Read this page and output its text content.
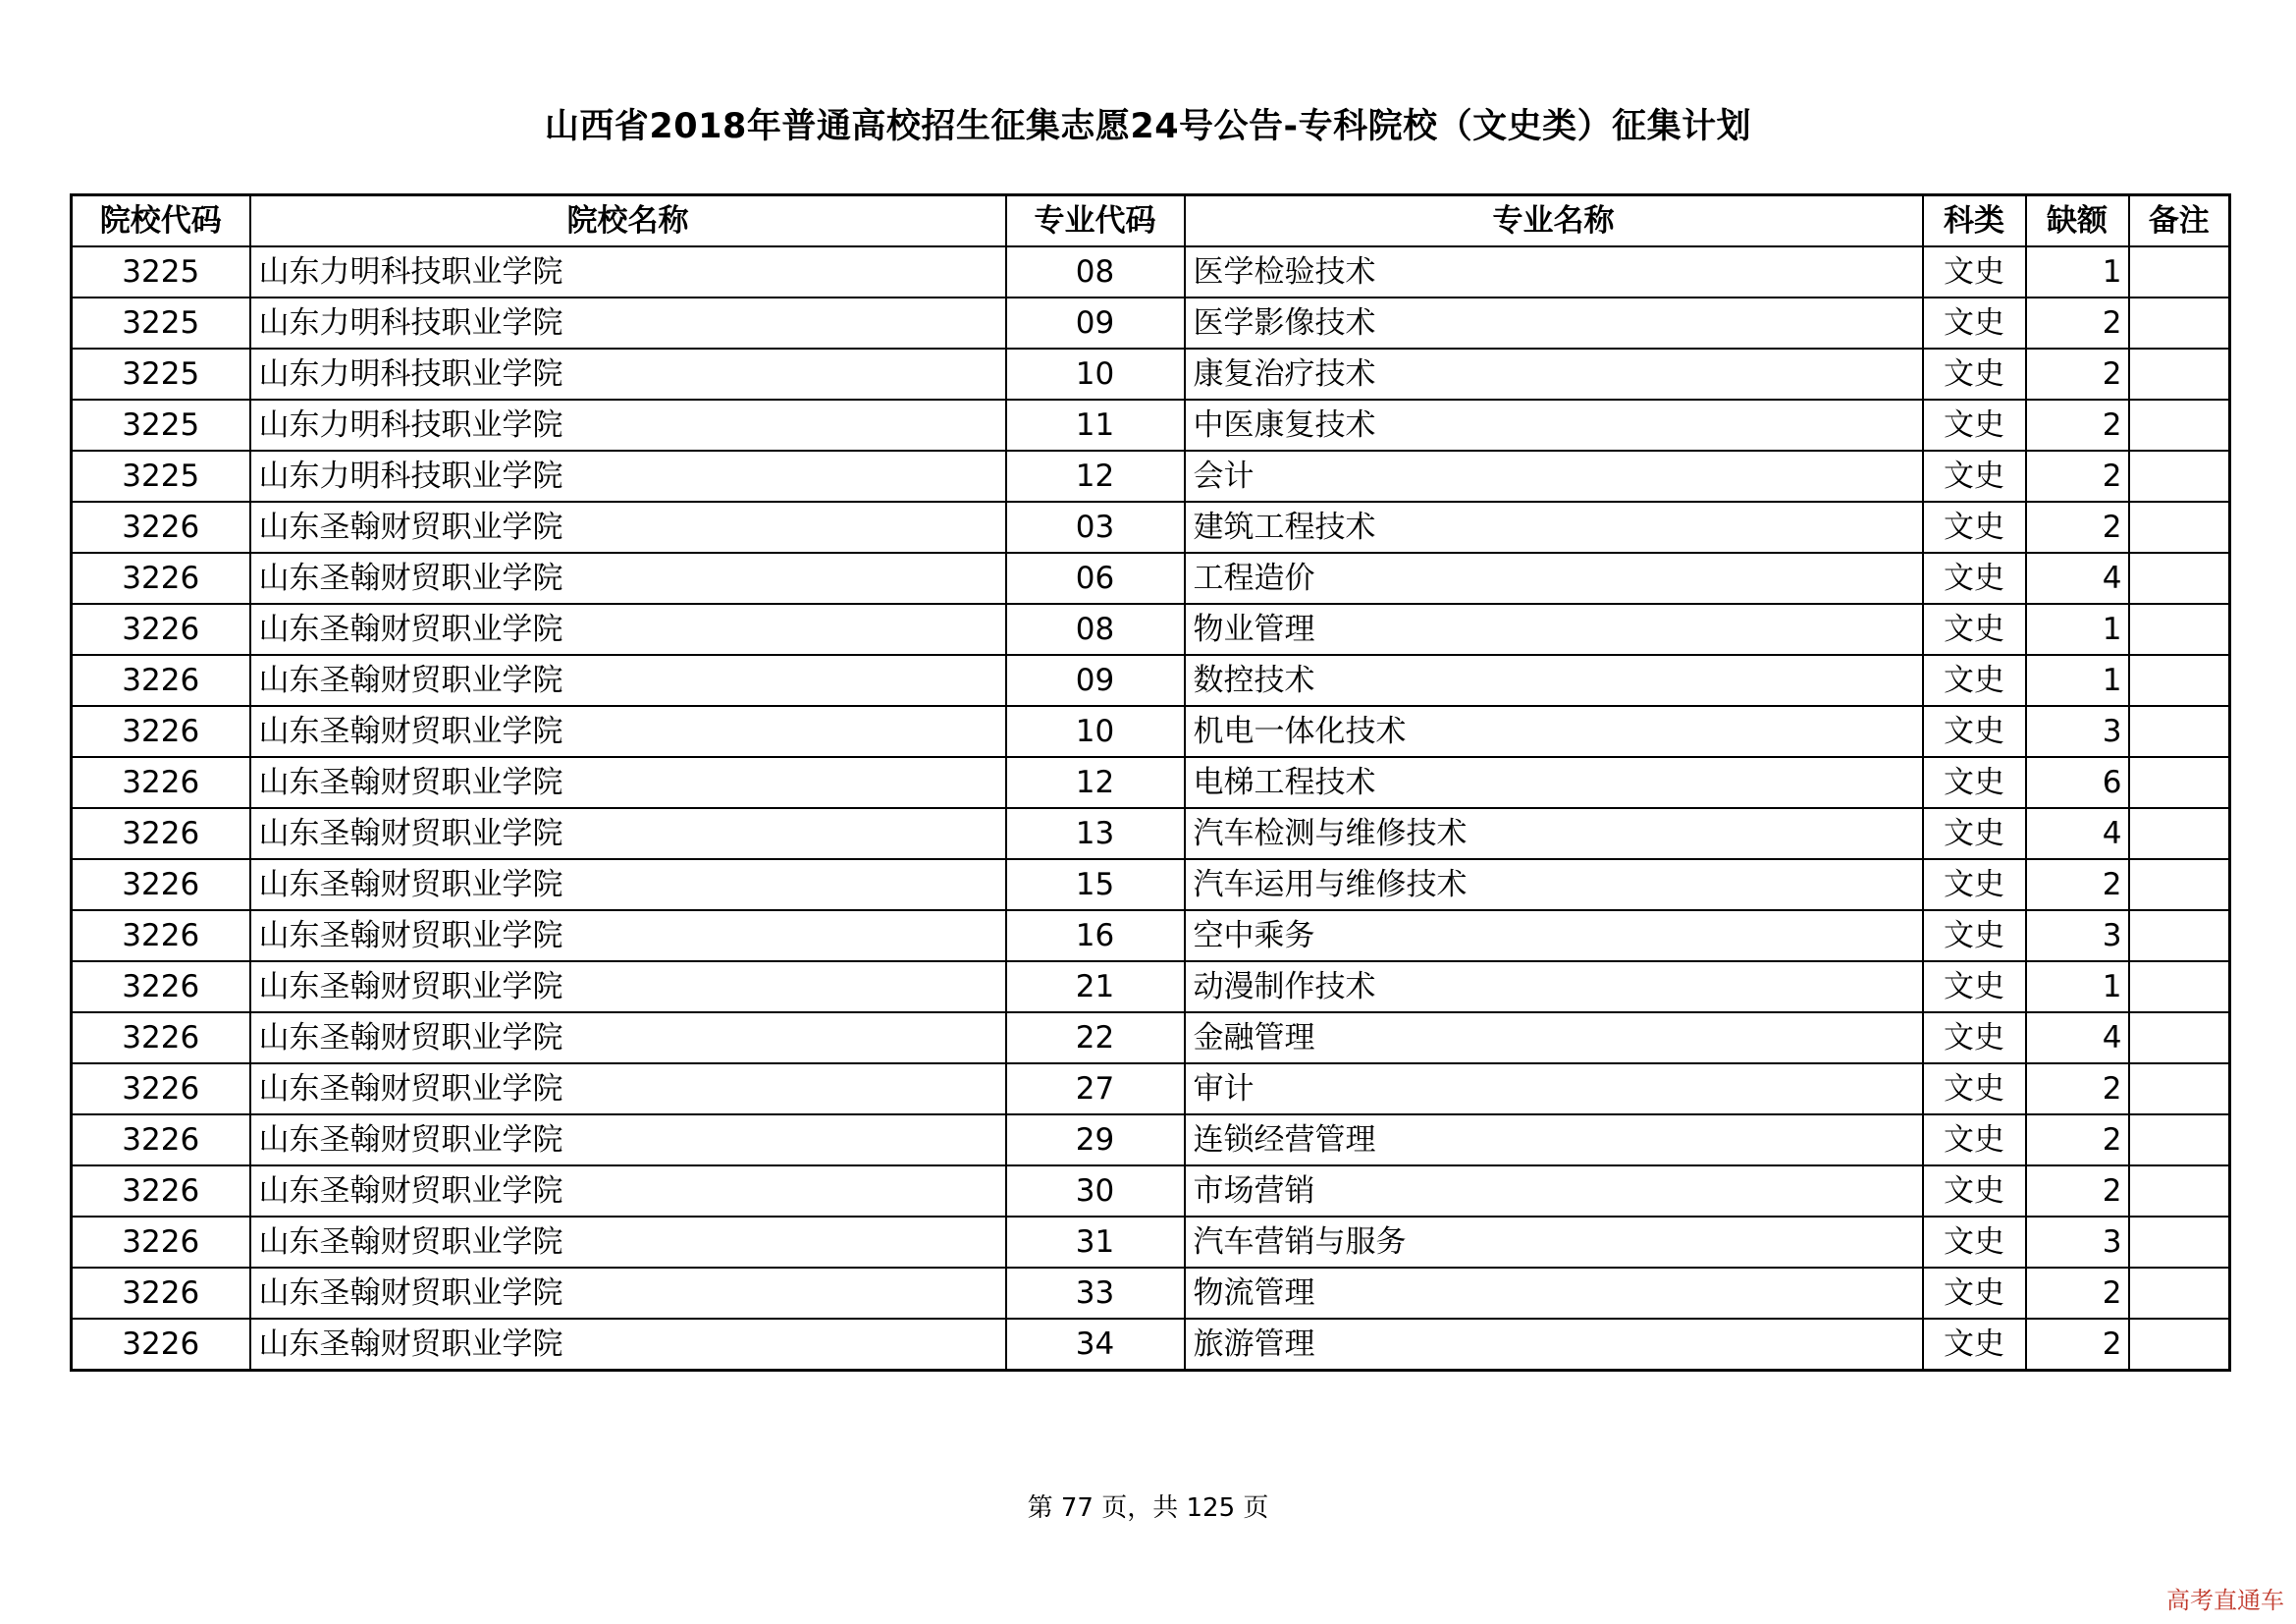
山西省2018年普通高校招生征集志愿24号公告-专科院校（文史类）征集计划
院校代码	院校名称	专业代码	专业名称	科类	缺额	备注
3225	山东力明科技职业学院	08	医学检验技术	文史	1	
3225	山东力明科技职业学院	09	医学影像技术	文史	2	
3225	山东力明科技职业学院	10	康复治疗技术	文史	2	
3225	山东力明科技职业学院	11	中医康复技术	文史	2	
3225	山东力明科技职业学院	12	会计	文史	2	
3226	山东圣翰财贸职业学院	03	建筑工程技术	文史	2	
3226	山东圣翰财贸职业学院	06	工程造价	文史	4	
3226	山东圣翰财贸职业学院	08	物业管理	文史	1	
3226	山东圣翰财贸职业学院	09	数控技术	文史	1	
3226	山东圣翰财贸职业学院	10	机电一体化技术	文史	3	
3226	山东圣翰财贸职业学院	12	电梯工程技术	文史	6	
3226	山东圣翰财贸职业学院	13	汽车检测与维修技术	文史	4	
3226	山东圣翰财贸职业学院	15	汽车运用与维修技术	文史	2	
3226	山东圣翰财贸职业学院	16	空中乘务	文史	3	
3226	山东圣翰财贸职业学院	21	动漫制作技术	文史	1	
3226	山东圣翰财贸职业学院	22	金融管理	文史	4	
3226	山东圣翰财贸职业学院	27	审计	文史	2	
3226	山东圣翰财贸职业学院	29	连锁经营管理	文史	2	
3226	山东圣翰财贸职业学院	30	市场营销	文史	2	
3226	山东圣翰财贸职业学院	31	汽车营销与服务	文史	3	
3226	山东圣翰财贸职业学院	33	物流管理	文史	2	
3226	山东圣翰财贸职业学院	34	旅游管理	文史	2	
第 77 页，共 125 页
高考直通车
